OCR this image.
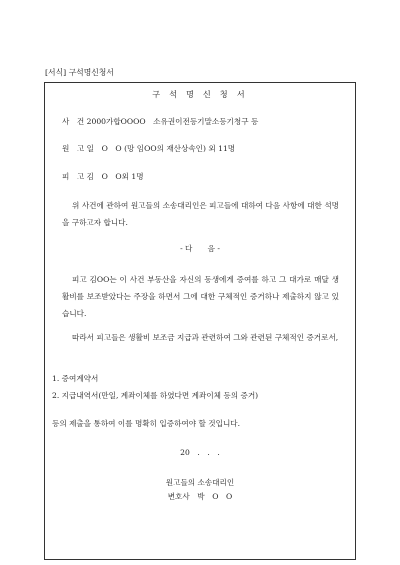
[서식] 구석명신청서
구 석 명 신 청 서
사　건 2000가합OOOO　소유권이전등기말소등기청구 등
원　고 일　O　O (망 임OO의 재산상속인) 외 11명
피　고 김　O　O외 1명
위 사건에 관하여 원고들의 소송대리인은 피고들에 대하여 다음 사항에 대한 석명을 구하고자 합니다.
- 다　　음 -
피고 김OO는 이 사건 부동산을 자신의 동생에게 증여를 하고 그 대가로 매달 생활비를 보조받았다는 주장을 하면서 그에 대한 구체적인 증거하나 제출하지 않고 있습니다.
따라서 피고들은 생활비 보조금 지급과 관련하여 그와 관련된 구체적인 증거로서,
1. 증여계약서
2. 지급내역서(만일, 계좌이체를 하였다면 계좌이체 등의 증거)
등의 제출을 통하여 이를 명확히 입증하여야 할 것입니다.
20　.　.　.
원고들의 소송대리인
변호사　박　O　O
